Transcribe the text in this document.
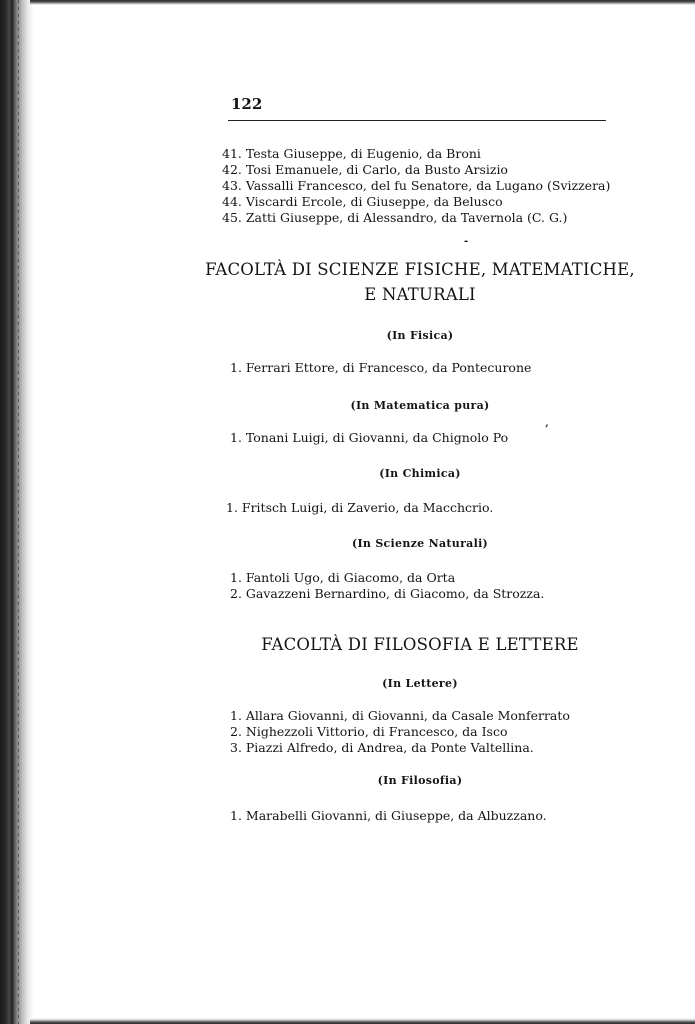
122
41. Testa Giuseppe, di Eugenio, da Broni
42. Tosi Emanuele, di Carlo, da Busto Arsizio
43. Vassalli Francesco, del fu Senatore, da Lugano (Svizzera)
44. Viscardi Ercole, di Giuseppe, da Belusco
45. Zatti Giuseppe, di Alessandro, da Tavernola (C. G.)
-
FACOLTÀ DI SCIENZE FISICHE, MATEMATICHE,
E NATURALI
(In Fisica)
1. Ferrari Ettore, di Francesco, da Pontecurone
(In Matematica pura)
1. Tonani Luigi, di Giovanni, da Chignolo Po
’
(In Chimica)
1. Fritsch Luigi, di Zaverio, da Macchcrio.
(In Scienze Naturali)
1. Fantoli Ugo, di Giacomo, da Orta
2. Gavazzeni Bernardino, di Giacomo, da Strozza.
FACOLTÀ DI FILOSOFIA E LETTERE
(In Lettere)
1. Allara Giovanni, di Giovanni, da Casale Monferrato
2. Nighezzoli Vittorio, di Francesco, da Isco
3. Piazzi Alfredo, di Andrea, da Ponte Valtellina.
(In Filosofia)
1. Marabelli Giovanni, di Giuseppe, da Albuzzano.
